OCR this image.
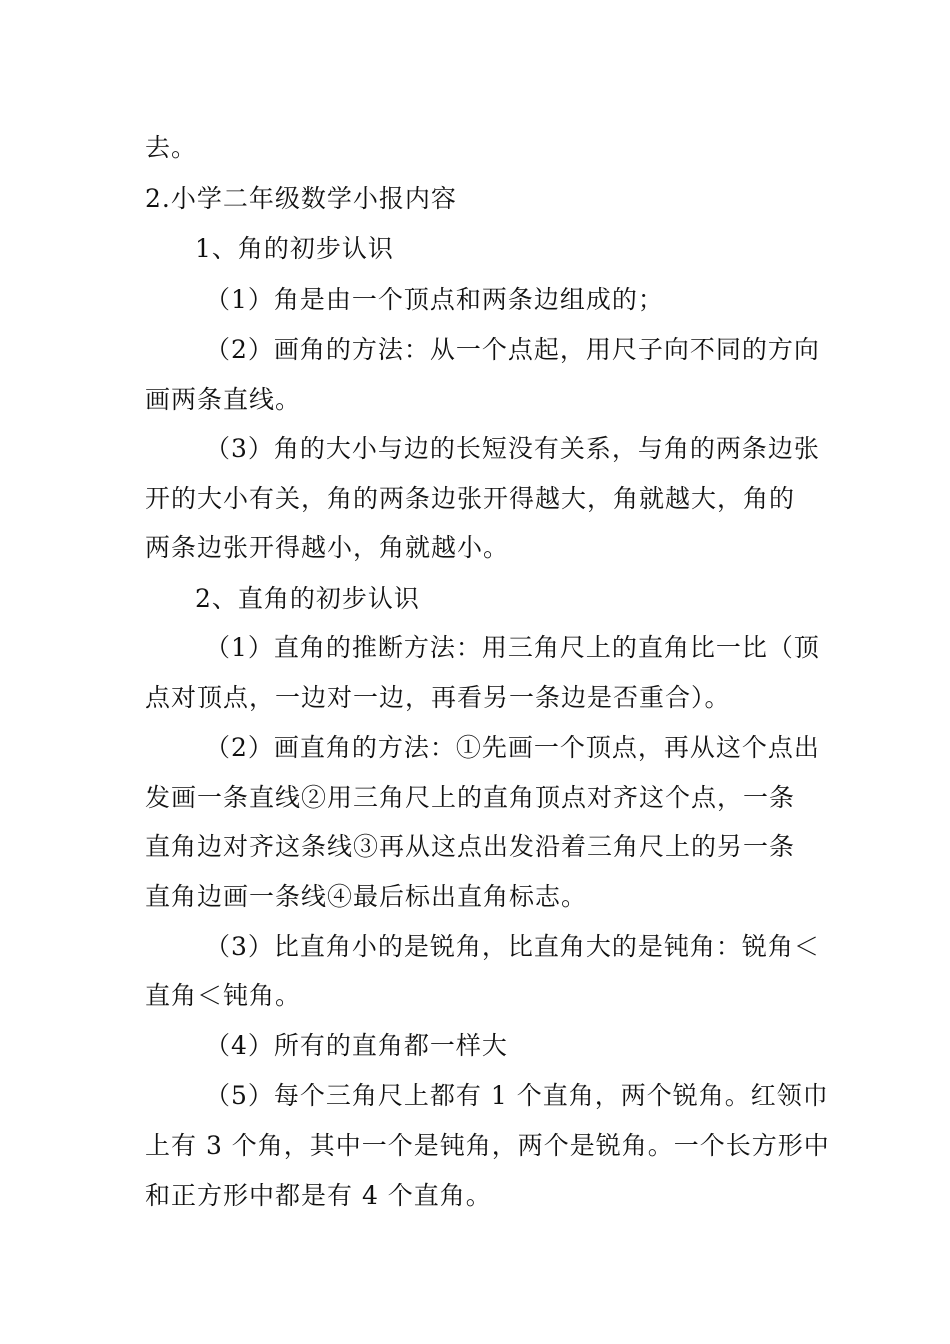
去。
2.小学二年级数学小报内容
1、角的初步认识
（1）角是由一个顶点和两条边组成的；
（2）画角的方法：从一个点起，用尺子向不同的方向
画两条直线。
（3）角的大小与边的长短没有关系，与角的两条边张
开的大小有关，角的两条边张开得越大，角就越大，角的
两条边张开得越小，角就越小。
2、直角的初步认识
（1）直角的推断方法：用三角尺上的直角比一比（顶
点对顶点，一边对一边，再看另一条边是否重合）。
（2）画直角的方法：①先画一个顶点，再从这个点出
发画一条直线②用三角尺上的直角顶点对齐这个点，一条
直角边对齐这条线③再从这点出发沿着三角尺上的另一条
直角边画一条线④最后标出直角标志。
（3）比直角小的是锐角，比直角大的是钝角：锐角＜
直角＜钝角。
（4）所有的直角都一样大
（5）每个三角尺上都有 1 个直角，两个锐角。红领巾
上有 3 个角，其中一个是钝角，两个是锐角。一个长方形中
和正方形中都是有 4 个直角。
